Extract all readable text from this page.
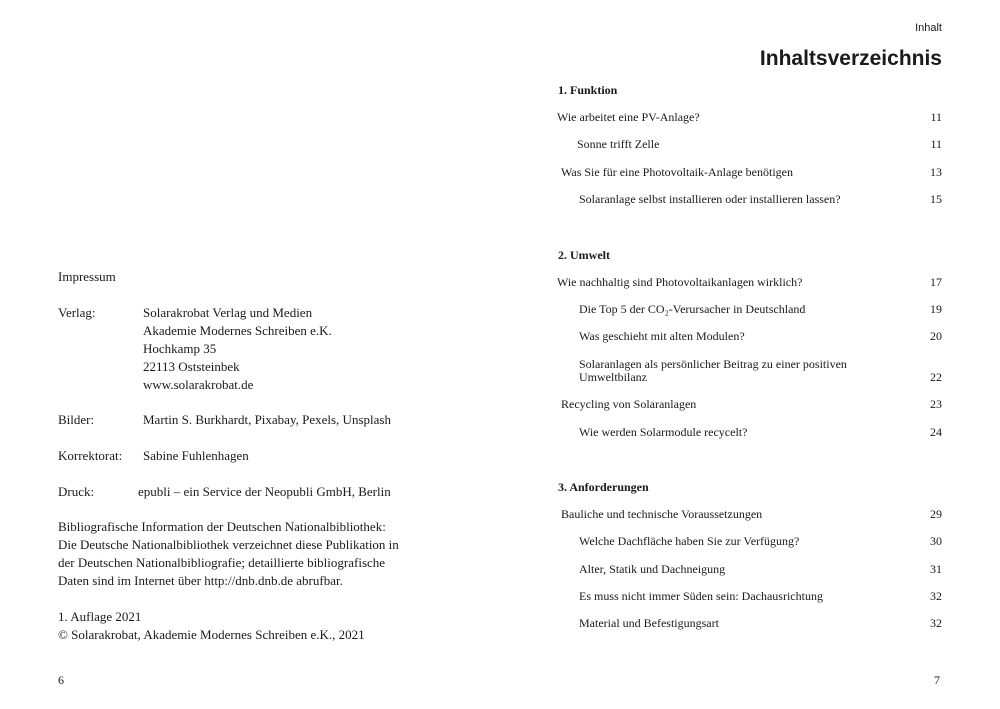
Impressum
Verlag:	Solarakrobat Verlag und Medien
Akademie Modernes Schreiben e.K.
Hochkamp 35
22113 Oststeinbek
www.solarakrobat.de
Bilder:	Martin S. Burkhardt, Pixabay, Pexels, Unsplash
Korrektorat: Sabine Fuhlenhagen
Druck:	epubli – ein Service der Neopubli GmbH, Berlin
Bibliografische Information der Deutschen Nationalbibliothek:
Die Deutsche Nationalbibliothek verzeichnet diese Publikation in
der Deutschen Nationalbibliografie; detaillierte bibliografische
Daten sind im Internet über http://dnb.dnb.de abrufbar.
1. Auflage 2021
© Solarakrobat, Akademie Modernes Schreiben e.K., 2021
6
Inhalt
Inhaltsverzeichnis
1. Funktion
Wie arbeitet eine PV-Anlage?	11
Sonne trifft Zelle	11
Was Sie für eine Photovoltaik-Anlage benötigen	13
Solaranlage selbst installieren oder installieren lassen?	15
2. Umwelt
Wie nachhaltig sind Photovoltaikanlagen wirklich?	17
Die Top 5 der CO₂-Verursacher in Deutschland	19
Was geschieht mit alten Modulen?	20
Solaranlagen als persönlicher Beitrag zu einer positiven
Umweltbilanz	22
Recycling von Solaranlagen	23
Wie werden Solarmodule recycelt?	24
3. Anforderungen
Bauliche und technische Voraussetzungen	29
Welche Dachfläche haben Sie zur Verfügung?	30
Alter, Statik und Dachneigung	31
Es muss nicht immer Süden sein: Dachausrichtung	32
Material und Befestigungsart	32
7
